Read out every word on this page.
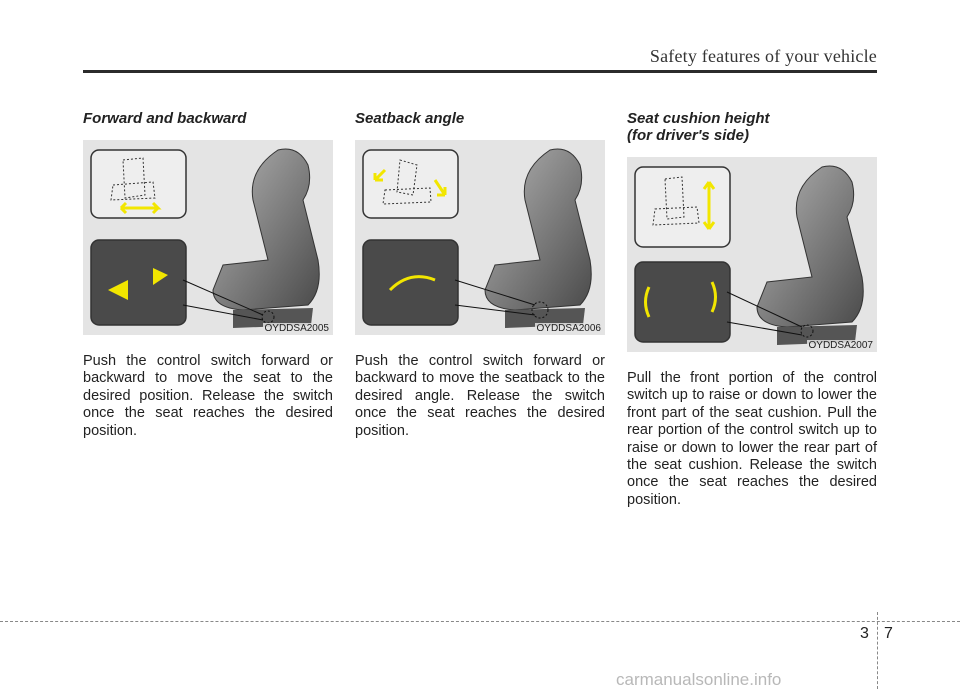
Safety features of your vehicle
Forward and backward
OYDDSA2005

Push the control switch forward or backward to move the seat to the desired position. Release the switch once the seat reaches the desired position.

Seatback angle
OYDDSA2006

Push the control switch forward or backward to move the seatback to the desired angle. Release the switch once the seat reaches the desired position.

Seat cushion height
(for driver's side)
OYDDSA2007

Pull the front portion of the control switch up to raise or down to lower the front part of the seat cushion. Pull the rear portion of the control switch up to raise or down to lower the rear part of the seat cushion. Release the switch once the seat reaches the desired position.

3 7
carmanualsonline.info
